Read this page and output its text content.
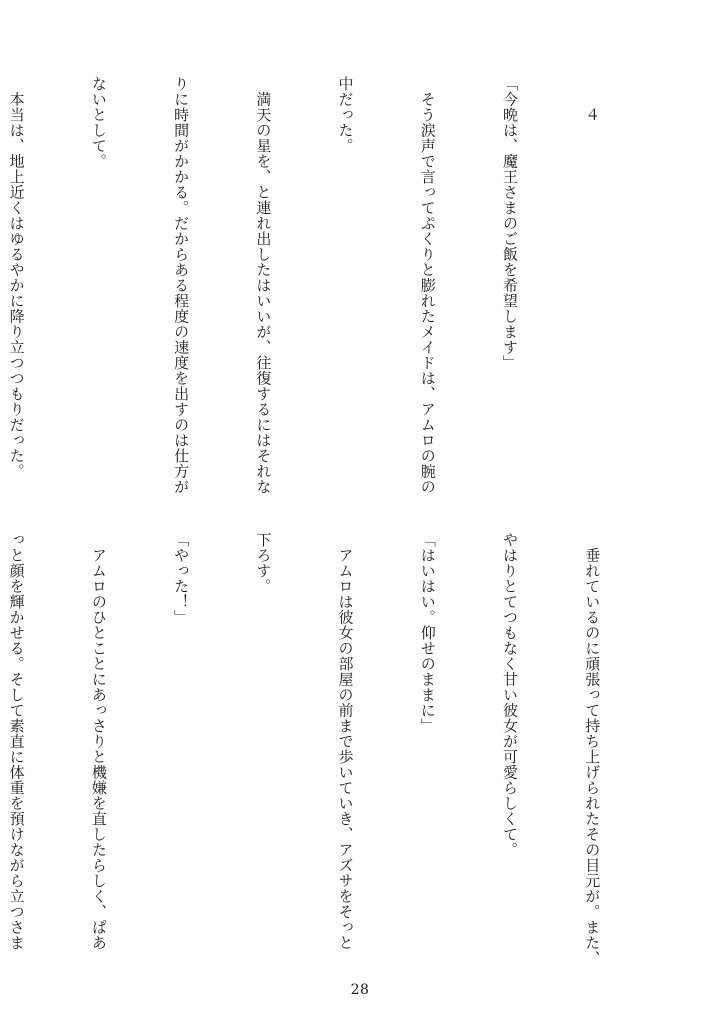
　　４

「今晩は、魔王さまのご飯を希望します」

　そう涙声で言ってぷくりと膨れたメイドは、アムロの腕の

中だった。

　満天の星を、と連れ出したはいいが、往復するにはそれな

りに時間がかかる。だからある程度の速度を出すのは仕方が

ないとして。

　本当は、地上近くはゆるやかに降り立つつもりだった。

　垂れているのに頑張って持ち上げられたその目元が。また、

やはりとてつもなく甘い彼女が可愛らしくて。

「はいはい。仰せのままに」

　アムロは彼女の部屋の前まで歩いていき、アズサをそっと

下ろす。

「やった！」

　アムロのひとことにあっさりと機嫌を直したらしく、ぱあ

っと顔を輝かせる。そして素直に体重を預けながら立つさま

28
